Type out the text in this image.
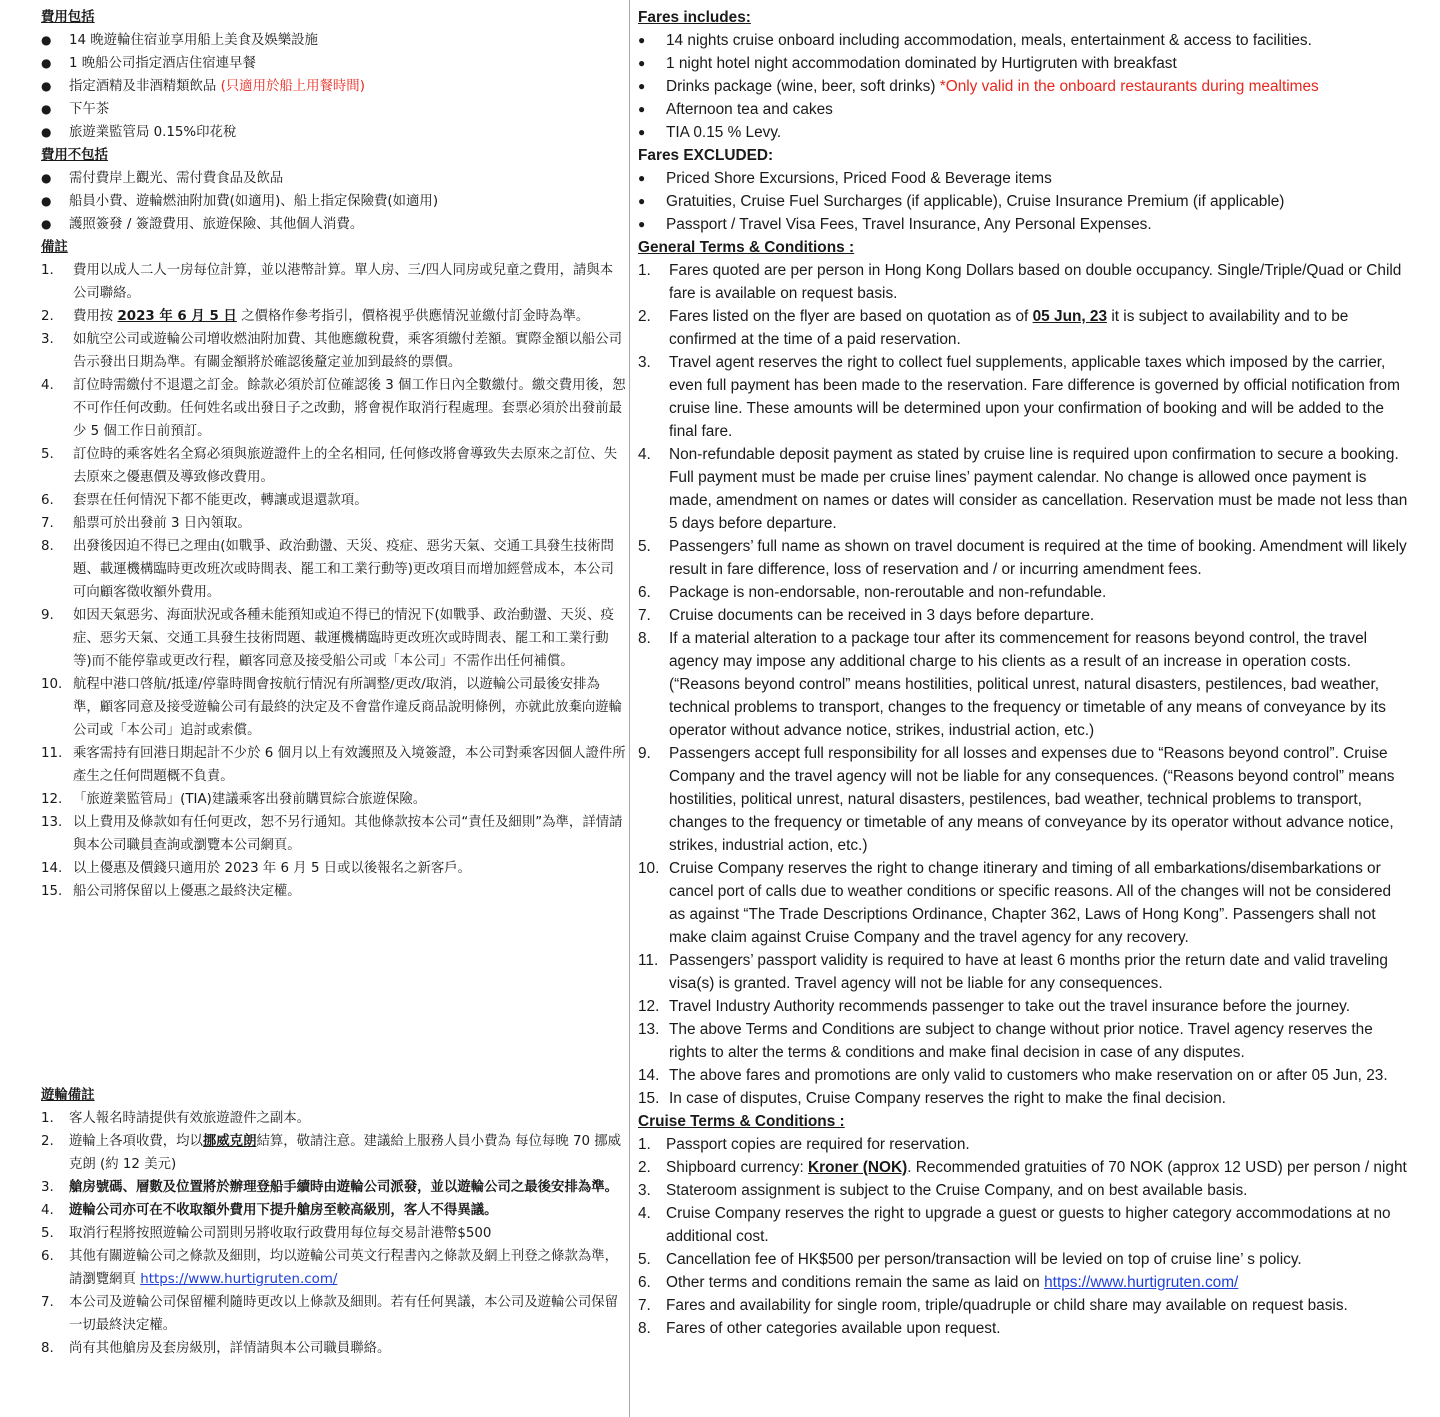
費用包括
●	14 晚遊輪住宿並享用船上美食及娛樂設施
●	1 晚船公司指定酒店住宿連早餐
●	指定酒精及非酒精類飲品 (只適用於船上用餐時間)
●	下午茶
●	旅遊業監管局 0.15%印花稅
費用不包括
●	需付費岸上觀光、需付費食品及飲品
●	船員小費、遊輪燃油附加費(如適用)、船上指定保險費(如適用)
●	護照簽發 / 簽證費用、旅遊保險、其他個人消費。
備註
1.	費用以成人二人一房每位計算，並以港幣計算。單人房、三/四人同房或兒童之費用，請與本公司聯絡。
2.	費用按 2023 年 6 月 5 日 之價格作參考指引，價格視乎供應情況並繳付訂金時為準。
3.	如航空公司或遊輪公司增收燃油附加費、其他應繳稅費，乘客須繳付差額。實際金額以船公司告示發出日期為準。有關金額將於確認後釐定並加到最終的票價。
4.	訂位時需繳付不退還之訂金。餘款必須於訂位確認後 3 個工作日內全數繳付。繳交費用後，恕不可作任何改動。任何姓名或出發日子之改動，將會視作取消行程處理。套票必須於出發前最少 5 個工作日前預訂。
5.	訂位時的乘客姓名全寫必須與旅遊證件上的全名相同, 任何修改將會導致失去原來之訂位、失去原來之優惠價及導致修改費用。
6.	套票在任何情況下都不能更改，轉讓或退還款項。
7.	船票可於出發前 3 日內領取。
8.	出發後因迫不得已之理由(如戰爭、政治動盪、天災、疫症、惡劣天氣、交通工具發生技術問題、載運機構臨時更改班次或時間表、罷工和工業行動等)更改項目而增加經營成本，本公司可向顧客徵收額外費用。
9.	如因天氣惡劣、海面狀況或各種未能預知或迫不得已的情況下(如戰爭、政治動盪、天災、疫症、惡劣天氣、交通工具發生技術問題、載運機構臨時更改班次或時間表、罷工和工業行動等)而不能停靠或更改行程，顧客同意及接受船公司或「本公司」不需作出任何補償。
10. 航程中港口啓航/抵達/停靠時間會按航行情況有所調整/更改/取消，以遊輪公司最後安排為準，顧客同意及接受遊輪公司有最終的決定及不會當作違反商品說明條例，亦就此放棄向遊輪公司或「本公司」追討或索償。
11. 乘客需持有回港日期起計不少於 6 個月以上有效護照及入境簽證，本公司對乘客因個人證件所產生之任何問題概不負責。
12. 「旅遊業監管局」(TIA)建議乘客出發前購買綜合旅遊保險。
13. 以上費用及條款如有任何更改，恕不另行通知。其他條款按本公司“責任及細則”為準，詳情請與本公司職員查詢或瀏覽本公司網頁。
14. 以上優惠及價錢只適用於 2023 年 6 月 5 日或以後報名之新客戶。
15. 船公司將保留以上優惠之最終決定權。
遊輪備註
1.	客人報名時請提供有效旅遊證件之副本。
2.	遊輪上各項收費，均以挪威克朗結算，敬請注意。建議給上服務人員小費為 每位每晚 70 挪威克朗 (約 12 美元)
3.	艙房號碼、層數及位置將於辦理登船手續時由遊輪公司派發，並以遊輪公司之最後安排為準。
4.	遊輪公司亦可在不收取額外費用下提升艙房至較高級別，客人不得異議。
5.	取消行程將按照遊輪公司罰則另將收取行政費用每位每交易計港幣$500
6.	其他有關遊輪公司之條款及細則，均以遊輪公司英文行程書內之條款及網上刊登之條款為準，請瀏覽網頁 https://www.hurtigruten.com/
7.	本公司及遊輪公司保留權利隨時更改以上條款及細則。若有任何異議，本公司及遊輪公司保留一切最終決定權。
8.	尚有其他艙房及套房級別，詳情請與本公司職員聯絡。
Fares includes:
●	14 nights cruise onboard including accommodation, meals, entertainment & access to facilities.
●	1 night hotel night accommodation dominated by Hurtigruten with breakfast
●	Drinks package (wine, beer, soft drinks) *Only valid in the onboard restaurants during mealtimes
●	Afternoon tea and cakes
●	TIA 0.15 % Levy.
Fares EXCLUDED:
●	Priced Shore Excursions, Priced Food & Beverage items
●	Gratuities, Cruise Fuel Surcharges (if applicable), Cruise Insurance Premium (if applicable)
●	Passport / Travel Visa Fees, Travel Insurance, Any Personal Expenses.
General Terms & Conditions :
1.	Fares quoted are per person in Hong Kong Dollars based on double occupancy. Single/Triple/Quad or Child fare is available on request basis.
2.	Fares listed on the flyer are based on quotation as of 05 Jun, 23 it is subject to availability and to be confirmed at the time of a paid reservation.
3.	Travel agent reserves the right to collect fuel supplements, applicable taxes which imposed by the carrier, even full payment has been made to the reservation. Fare difference is governed by official notification from cruise line. These amounts will be determined upon your confirmation of booking and will be added to the final fare.
4.	Non-refundable deposit payment as stated by cruise line is required upon confirmation to secure a booking. Full payment must be made per cruise lines’ payment calendar. No change is allowed once payment is made, amendment on names or dates will consider as cancellation. Reservation must be made not less than 5 days before departure.
5.	Passengers’ full name as shown on travel document is required at the time of booking. Amendment will likely result in fare difference, loss of reservation and / or incurring amendment fees.
6.	Package is non-endorsable, non-reroutable and non-refundable.
7.	Cruise documents can be received in 3 days before departure.
8.	If a material alteration to a package tour after its commencement for reasons beyond control, the travel agency may impose any additional charge to his clients as a result of an increase in operation costs. (“Reasons beyond control” means hostilities, political unrest, natural disasters, pestilences, bad weather, technical problems to transport, changes to the frequency or timetable of any means of conveyance by its operator without advance notice, strikes, industrial action, etc.)
9.	Passengers accept full responsibility for all losses and expenses due to “Reasons beyond control”. Cruise Company and the travel agency will not be liable for any consequences. (“Reasons beyond control” means hostilities, political unrest, natural disasters, pestilences, bad weather, technical problems to transport, changes to the frequency or timetable of any means of conveyance by its operator without advance notice, strikes, industrial action, etc.)
10. Cruise Company reserves the right to change itinerary and timing of all embarkations/disembarkations or cancel port of calls due to weather conditions or specific reasons. All of the changes will not be considered as against “The Trade Descriptions Ordinance, Chapter 362, Laws of Hong Kong”. Passengers shall not make claim against Cruise Company and the travel agency for any recovery.
11. Passengers’ passport validity is required to have at least 6 months prior the return date and valid traveling visa(s) is granted. Travel agency will not be liable for any consequences.
12. Travel Industry Authority recommends passenger to take out the travel insurance before the journey.
13. The above Terms and Conditions are subject to change without prior notice. Travel agency reserves the rights to alter the terms & conditions and make final decision in case of any disputes.
14. The above fares and promotions are only valid to customers who make reservation on or after 05 Jun, 23.
15. In case of disputes, Cruise Company reserves the right to make the final decision.
Cruise Terms & Conditions :
1. Passport copies are required for reservation.
2. Shipboard currency: Kroner (NOK). Recommended gratuities of 70 NOK (approx 12 USD) per person / night
3. Stateroom assignment is subject to the Cruise Company, and on best available basis.
4. Cruise Company reserves the right to upgrade a guest or guests to higher category accommodations at no additional cost.
5. Cancellation fee of HK$500 per person/transaction will be levied on top of cruise line’ s policy.
6. Other terms and conditions remain the same as laid on https://www.hurtigruten.com/
7. Fares and availability for single room, triple/quadruple or child share may available on request basis.
8. Fares of other categories available upon request.
